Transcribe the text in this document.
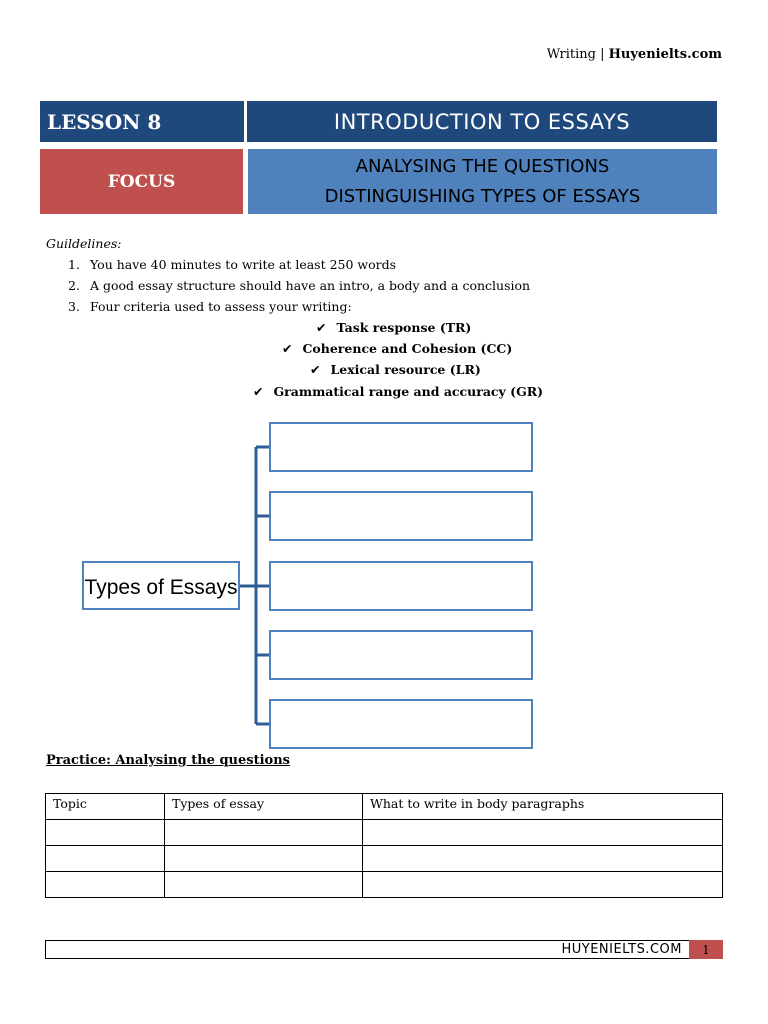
Writing | Huyenielts.com
LESSON 8	INTRODUCTION TO ESSAYS
FOCUS
ANALYSING THE QUESTIONS
DISTINGUISHING TYPES OF ESSAYS
Guildelines:
1. You have 40 minutes to write at least 250 words
2. A good essay structure should have an intro, a body and a conclusion
3. Four criteria used to assess your writing:
✔ Task response (TR)
✔ Coherence and Cohesion (CC)
✔ Lexical resource (LR)
✔ Grammatical range and accuracy (GR)
Types of Essays
Practice: Analysing the questions
Topic	Types of essay	What to write in body paragraphs

HUYENIELTS.COM	1
